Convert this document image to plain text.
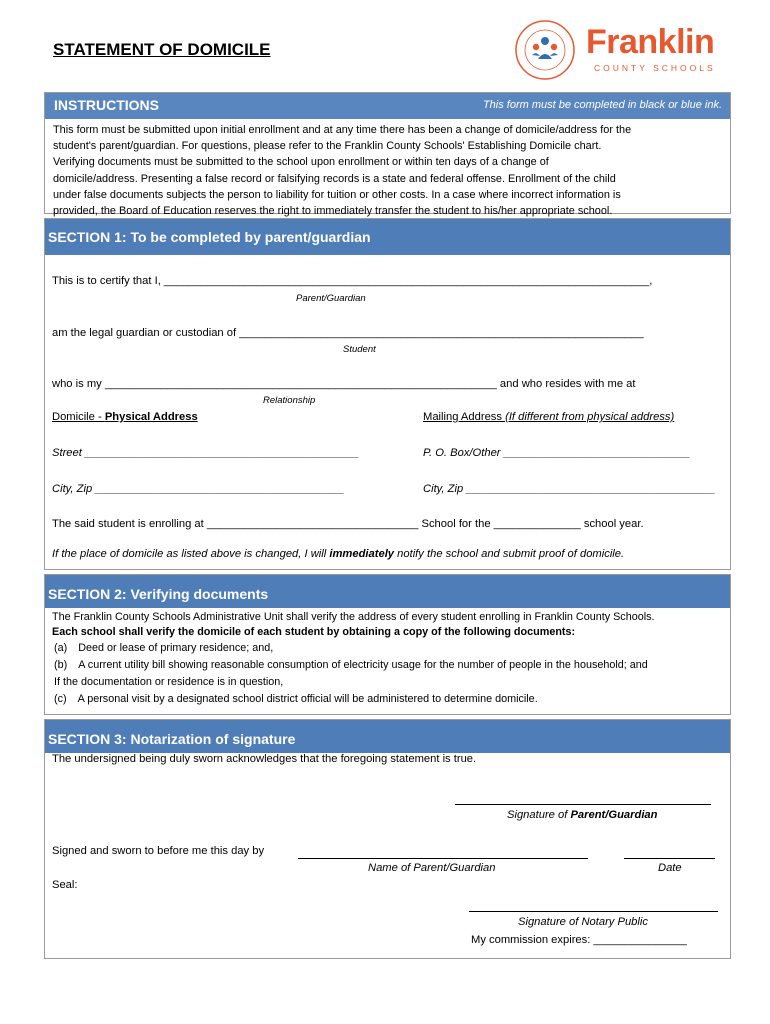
STATEMENT OF DOMICILE	Franklin
COUNTY SCHOOLS
INSTRUCTIONS	This form must be completed in black or blue ink.
This form must be submitted upon initial enrollment and at any time there has been a change of domicile/address for the
student's parent/guardian. For questions, please refer to the Franklin County Schools' Establishing Domicile chart.
Verifying documents must be submitted to the school upon enrollment or within ten days of a change of
domicile/address. Presenting a false record or falsifying records is a state and federal offense. Enrollment of the child
under false documents subjects the person to liability for tuition or other costs. In a case where incorrect information is
provided, the Board of Education reserves the right to immediately transfer the student to his/her appropriate school.
SECTION 1: To be completed by parent/guardian
This is to certify that I, ______________________________________________________________________________,
Parent/Guardian
am the legal guardian or custodian of _________________________________________________________________
Student
who is my _______________________________________________________________ and who resides with me at
Relationship
Domicile - Physical Address	Mailing Address (If different from physical address)
Street ____________________________________________	P. O. Box/Other ______________________________
City, Zip ________________________________________	City, Zip ________________________________________
The said student is enrolling at __________________________________ School for the ______________ school year.
If the place of domicile as listed above is changed, I will immediately notify the school and submit proof of domicile.
SECTION 2: Verifying documents
The Franklin County Schools Administrative Unit shall verify the address of every student enrolling in Franklin County Schools.
Each school shall verify the domicile of each student by obtaining a copy of the following documents:
(a) Deed or lease of primary residence; and,
(b) A current utility bill showing reasonable consumption of electricity usage for the number of people in the household; and
If the documentation or residence is in question,
(c) A personal visit by a designated school district official will be administered to determine domicile.
SECTION 3: Notarization of signature
The undersigned being duly sworn acknowledges that the foregoing statement is true.
Signature of Parent/Guardian
Signed and sworn to before me this day by
Name of Parent/Guardian	Date
Seal:
Signature of Notary Public
My commission expires: _______________
